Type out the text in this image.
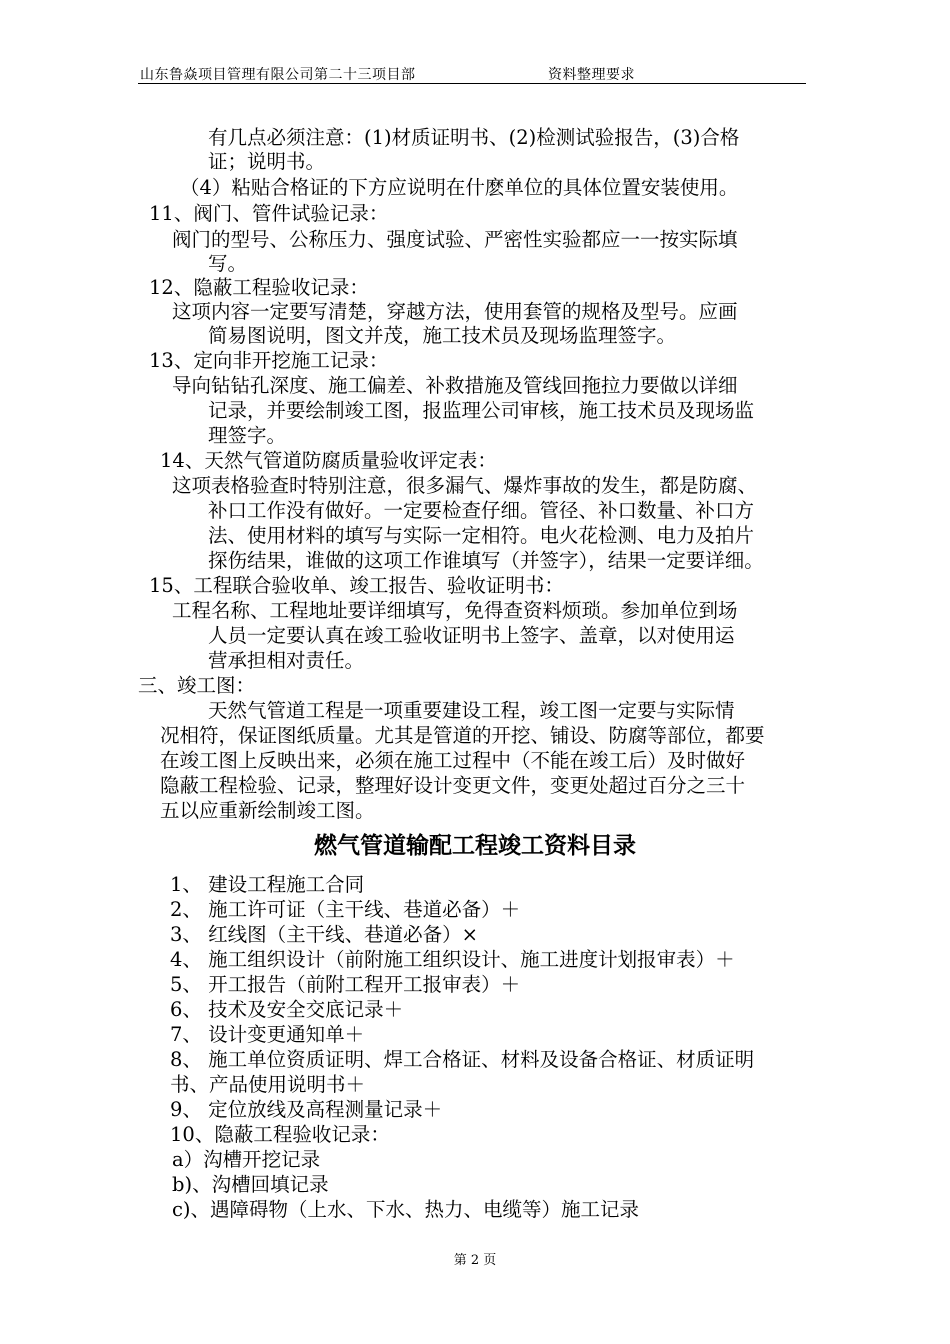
山东鲁焱项目管理有限公司第二十三项目部	资料整理要求
有几点必须注意：(1)材质证明书、(2)检测试验报告，(3)合格
证；说明书。
（4）粘贴合格证的下方应说明在什麽单位的具体位置安装使用。
11、阀门、管件试验记录：
阀门的型号、公称压力、强度试验、严密性实验都应一一按实际填
写。
12、隐蔽工程验收记录：
这项内容一定要写清楚，穿越方法，使用套管的规格及型号。应画
简易图说明，图文并茂，施工技术员及现场监理签字。
13、定向非开挖施工记录：
导向钻钻孔深度、施工偏差、补救措施及管线回拖拉力要做以详细
记录，并要绘制竣工图，报监理公司审核，施工技术员及现场监
理签字。
14、天然气管道防腐质量验收评定表：
这项表格验查时特别注意，很多漏气、爆炸事故的发生，都是防腐、
补口工作没有做好。一定要检查仔细。管径、补口数量、补口方
法、使用材料的填写与实际一定相符。电火花检测、电力及拍片
探伤结果，谁做的这项工作谁填写（并签字），结果一定要详细。
15、工程联合验收单、竣工报告、验收证明书：
工程名称、工程地址要详细填写，免得查资料烦琐。参加单位到场
人员一定要认真在竣工验收证明书上签字、盖章，以对使用运
营承担相对责任。
三、竣工图：
天然气管道工程是一项重要建设工程，竣工图一定要与实际情
况相符，保证图纸质量。尤其是管道的开挖、铺设、防腐等部位，都要
在竣工图上反映出来，必须在施工过程中（不能在竣工后）及时做好
隐蔽工程检验、记录，整理好设计变更文件，变更处超过百分之三十
五以应重新绘制竣工图。
燃气管道输配工程竣工资料目录
1、 建设工程施工合同
2、 施工许可证（主干线、巷道必备）＋
3、 红线图（主干线、巷道必备）×
4、 施工组织设计（前附施工组织设计、施工进度计划报审表）＋
5、 开工报告（前附工程开工报审表）＋
6、 技术及安全交底记录＋
7、 设计变更通知单＋
8、 施工单位资质证明、焊工合格证、材料及设备合格证、材质证明
书、产品使用说明书＋
9、 定位放线及高程测量记录＋
10、隐蔽工程验收记录：
a）沟槽开挖记录
b)、沟槽回填记录
c)、遇障碍物（上水、下水、热力、电缆等）施工记录
第 2 页
